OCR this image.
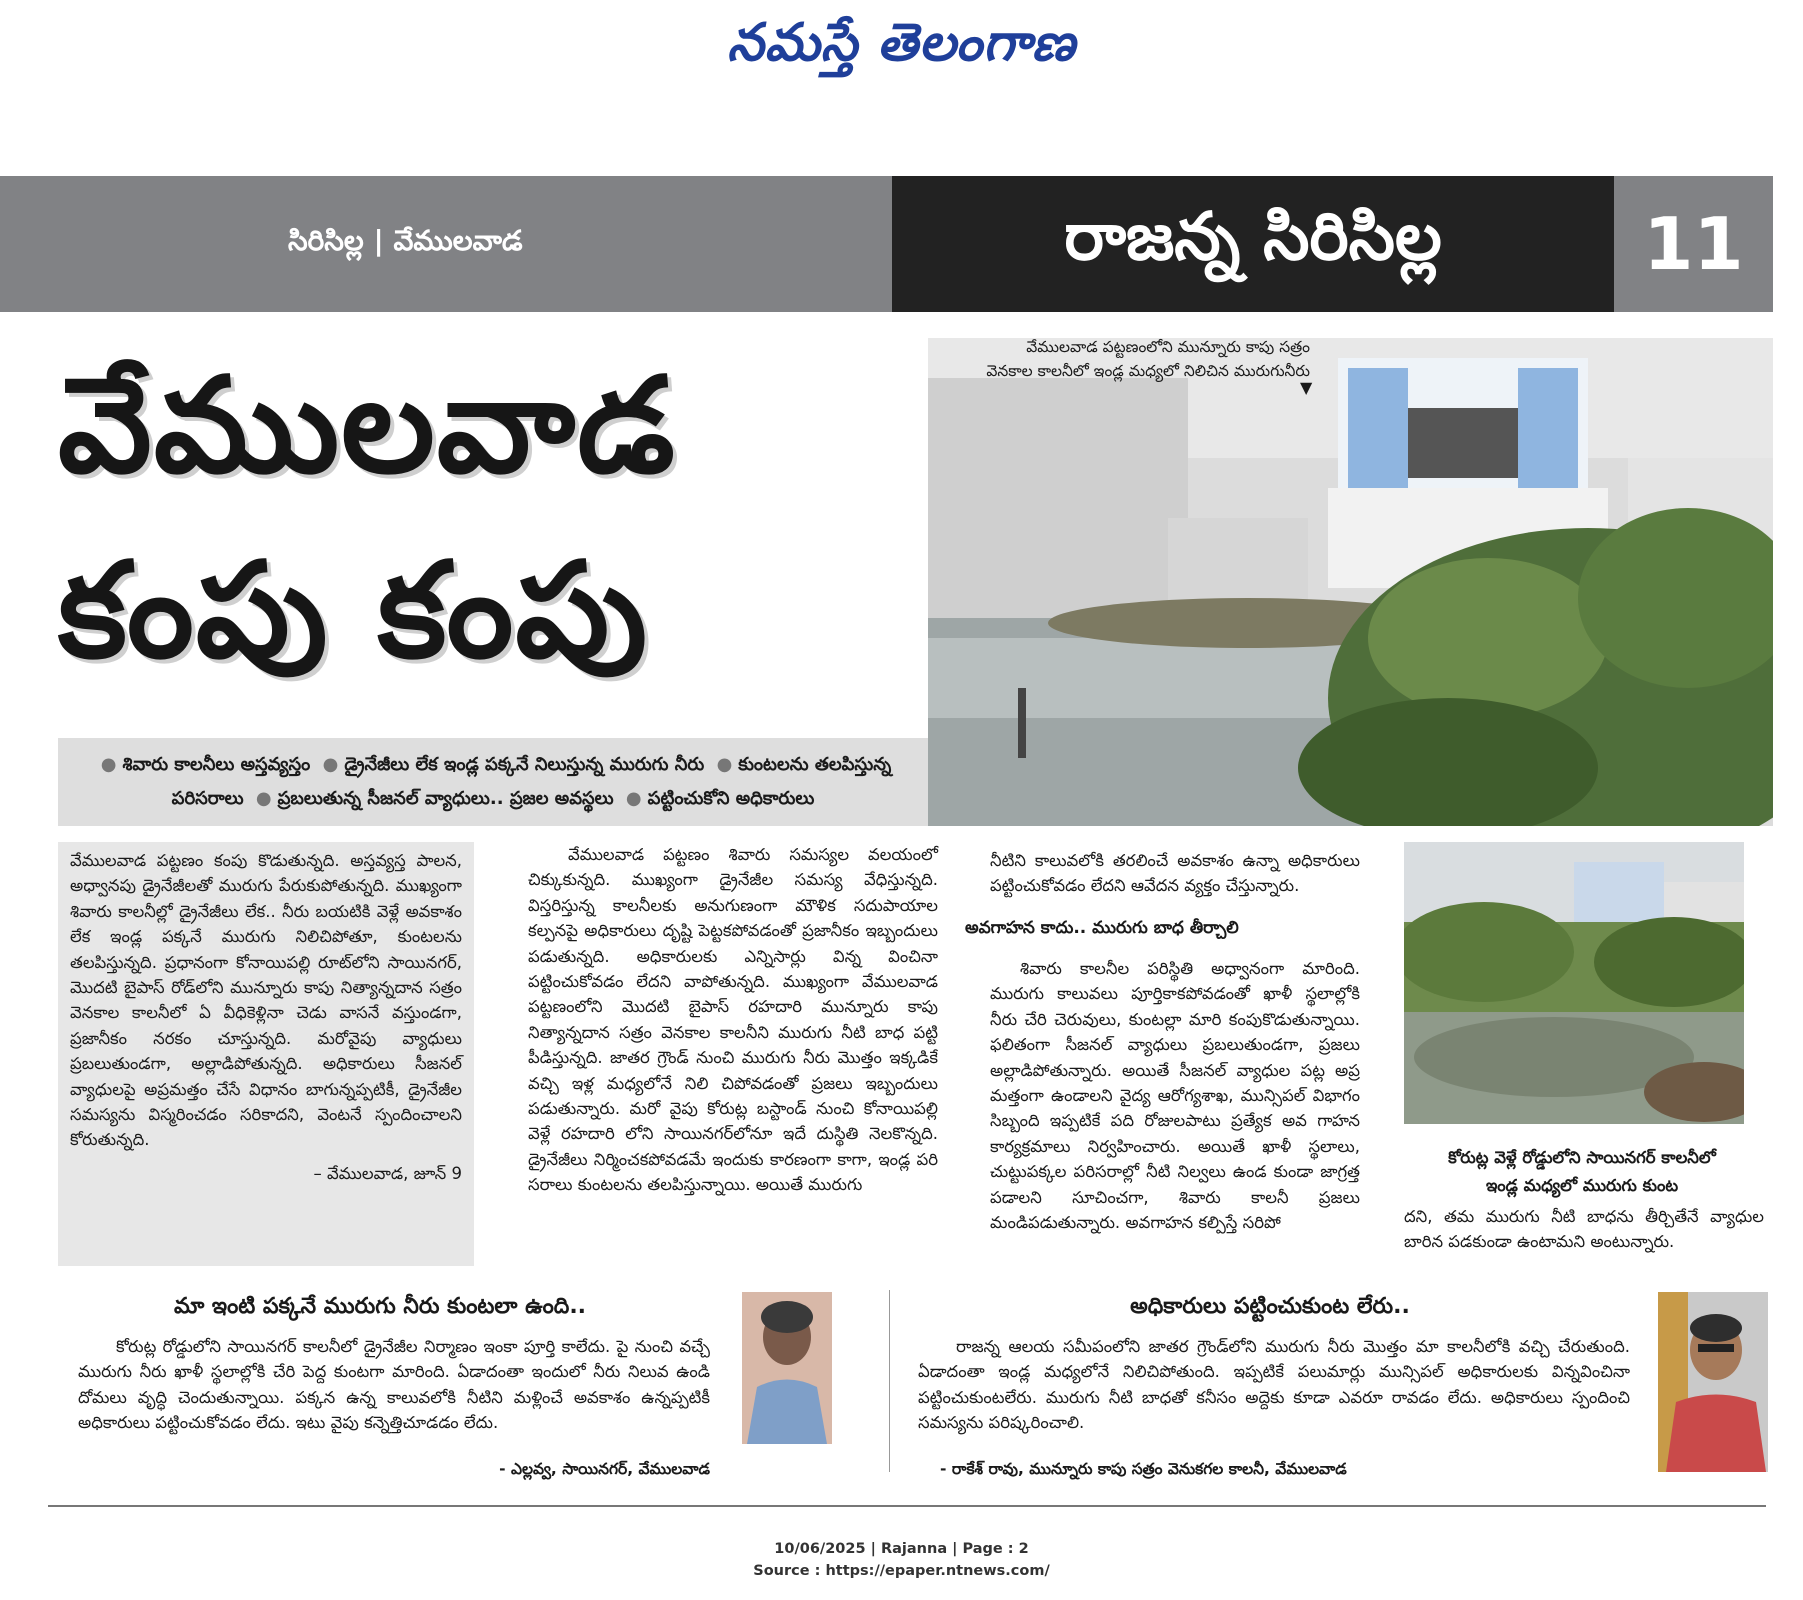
నమస్తే తెలంగాణ
సిరిసిల్ల | వేములవాడ	రాజన్న సిరిసిల్ల	11
వేములవాడ
కంపు కంపు
వేములవాడ పట్టణంలోని మున్నూరు కాపు సత్రం
వెనకాల కాలనీలో ఇండ్ల మధ్యలో నిలిచిన మురుగునీరు
▼
● శివారు కాలనీలు అస్తవ్యస్తం ● డ్రైనేజీలు లేక ఇండ్ల పక్కనే నిలుస్తున్న మురుగు నీరు ● కుంటలను తలపిస్తున్న పరిసరాలు ● ప్రబలుతున్న సీజనల్ వ్యాధులు.. ప్రజల అవస్థలు ● పట్టించుకోని అధికారులు
వేములవాడ పట్టణం కంపు కొడుతున్నది. అస్తవ్యస్త పాలన, అధ్వానపు డ్రైనేజీలతో మురుగు పేరుకుపోతున్నది. ముఖ్యంగా శివారు కాలనీల్లో డ్రైనేజీలు లేక.. నీరు బయటికి వెళ్లే అవకాశం లేక ఇండ్ల పక్కనే మురుగు నిలిచిపోతూ, కుంటలను తలపిస్తున్నది. ప్రధానంగా కోనాయిపల్లి రూట్‌లోని సాయినగర్, మొదటి బైపాస్ రోడ్‌లోని మున్నూరు కాపు నిత్యాన్నదాన సత్రం వెనకాల కాలనీలో ఏ వీధికెళ్లినా చెడు వాసనే వస్తుండగా, ప్రజానీకం నరకం చూస్తున్నది. మరోవైపు వ్యాధులు ప్రబలుతుండగా, అల్లాడిపోతున్నది. అధికారులు సీజనల్ వ్యాధులపై అప్రమత్తం చేసే విధానం బాగున్నప్పటికీ, డ్రైనేజీల సమస్యను విస్మరించడం సరికాదని, వెంటనే స్పందించాలని కోరుతున్నది.
– వేములవాడ, జూన్ 9
వేములవాడ పట్టణం శివారు సమస్యల వలయంలో చిక్కుకున్నది. ముఖ్యంగా డ్రైనేజీల సమస్య వేధిస్తున్నది. విస్తరిస్తున్న కాలనీలకు అనుగుణంగా మౌళిక సదుపాయాల కల్పనపై అధికారులు దృష్టి పెట్టకపోవడంతో ప్రజానీకం ఇబ్బందులు పడుతున్నది. అధికారులకు ఎన్నిసార్లు విన్న వించినా పట్టించుకోవడం లేదని వాపోతున్నది. ముఖ్యంగా వేములవాడ పట్టణంలోని మొదటి బైపాస్ రహదారి మున్నూరు కాపు నిత్యాన్నదాన సత్రం వెనకాల కాలనీని మురుగు నీటి బాధ పట్టి పీడిస్తున్నది. జాతర గ్రౌండ్ నుంచి మురుగు నీరు మొత్తం ఇక్కడికే వచ్చి ఇళ్ల మధ్యలోనే నిలి చిపోవడంతో ప్రజలు ఇబ్బందులు పడుతున్నారు. మరో వైపు కోరుట్ల బస్టాండ్ నుంచి కోనాయిపల్లి వెళ్లే రహదారి లోని సాయినగర్‌లోనూ ఇదే దుస్థితి నెలకొన్నది. డ్రైనేజీలు నిర్మించకపోవడమే ఇందుకు కారణంగా కాగా, ఇండ్ల పరి సరాలు కుంటలను తలపిస్తున్నాయి. అయితే మురుగు
నీటిని కాలువలోకి తరలించే అవకాశం ఉన్నా అధికారులు పట్టించుకోవడం లేదని ఆవేదన వ్యక్తం చేస్తున్నారు.
అవగాహన కాదు.. మురుగు బాధ తీర్చాలి
శివారు కాలనీల పరిస్థితి అధ్వానంగా మారింది. మురుగు కాలువలు పూర్తికాకపోవడంతో ఖాళీ స్థలాల్లోకి నీరు చేరి చెరువులు, కుంటల్లా మారి కంపుకొడుతున్నాయి. ఫలితంగా సీజనల్ వ్యాధులు ప్రబలుతుండగా, ప్రజలు అల్లాడిపోతున్నారు. అయితే సీజనల్ వ్యాధుల పట్ల అప్ర మత్తంగా ఉండాలని వైద్య ఆరోగ్యశాఖ, మున్సిపల్ విభాగం సిబ్బంది ఇప్పటికే పది రోజులపాటు ప్రత్యేక అవ గాహన కార్యక్రమాలు నిర్వహించారు. అయితే ఖాళీ స్థలాలు, చుట్టుపక్కల పరిసరాల్లో నీటి నిల్వలు ఉండ కుండా జాగ్రత్త పడాలని సూచించగా, శివారు కాలనీ ప్రజలు మండిపడుతున్నారు. అవగాహన కల్పిస్తే సరిపో
కోరుట్ల వెళ్లే రోడ్డులోని సాయినగర్ కాలనీలో
ఇండ్ల మధ్యలో మురుగు కుంట
దని, తమ మురుగు నీటి బాధను తీర్చితేనే వ్యాధుల బారిన పడకుండా ఉంటామని అంటున్నారు.
మా ఇంటి పక్కనే మురుగు నీరు కుంటలా ఉంది..
కోరుట్ల రోడ్డులోని సాయినగర్ కాలనీలో డ్రైనేజీల నిర్మాణం ఇంకా పూర్తి కాలేదు. పై నుంచి వచ్చే మురుగు నీరు ఖాళీ స్థలాల్లోకి చేరి పెద్ద కుంటగా మారింది. ఏడాదంతా ఇందులో నీరు నిలువ ఉండి దోమలు వృద్ధి చెందుతున్నాయి. పక్కన ఉన్న కాలువలోకి నీటిని మళ్లించే అవకాశం ఉన్నప్పటికీ అధికారులు పట్టించుకోవడం లేదు. ఇటు వైపు కన్నెత్తిచూడడం లేదు.
- ఎల్లవ్వ, సాయినగర్, వేములవాడ
అధికారులు పట్టించుకుంట లేరు..
రాజన్న ఆలయ సమీపంలోని జాతర గ్రౌండ్‌లోని మురుగు నీరు మొత్తం మా కాలనీలోకి వచ్చి చేరుతుంది. ఏడాదంతా ఇండ్ల మధ్యలోనే నిలిచిపోతుంది. ఇప్పటికే పలుమార్లు మున్సిపల్ అధికారులకు విన్నవించినా పట్టించుకుంటలేరు. మురుగు నీటి బాధతో కనీసం అద్దెకు కూడా ఎవరూ రావడం లేదు. అధికారులు స్పందించి సమస్యను పరిష్కరించాలి.
- రాకేశ్ రావు, మున్నూరు కాపు సత్రం వెనుకగల కాలనీ, వేములవాడ
10/06/2025 | Rajanna | Page : 2
Source : https://epaper.ntnews.com/
